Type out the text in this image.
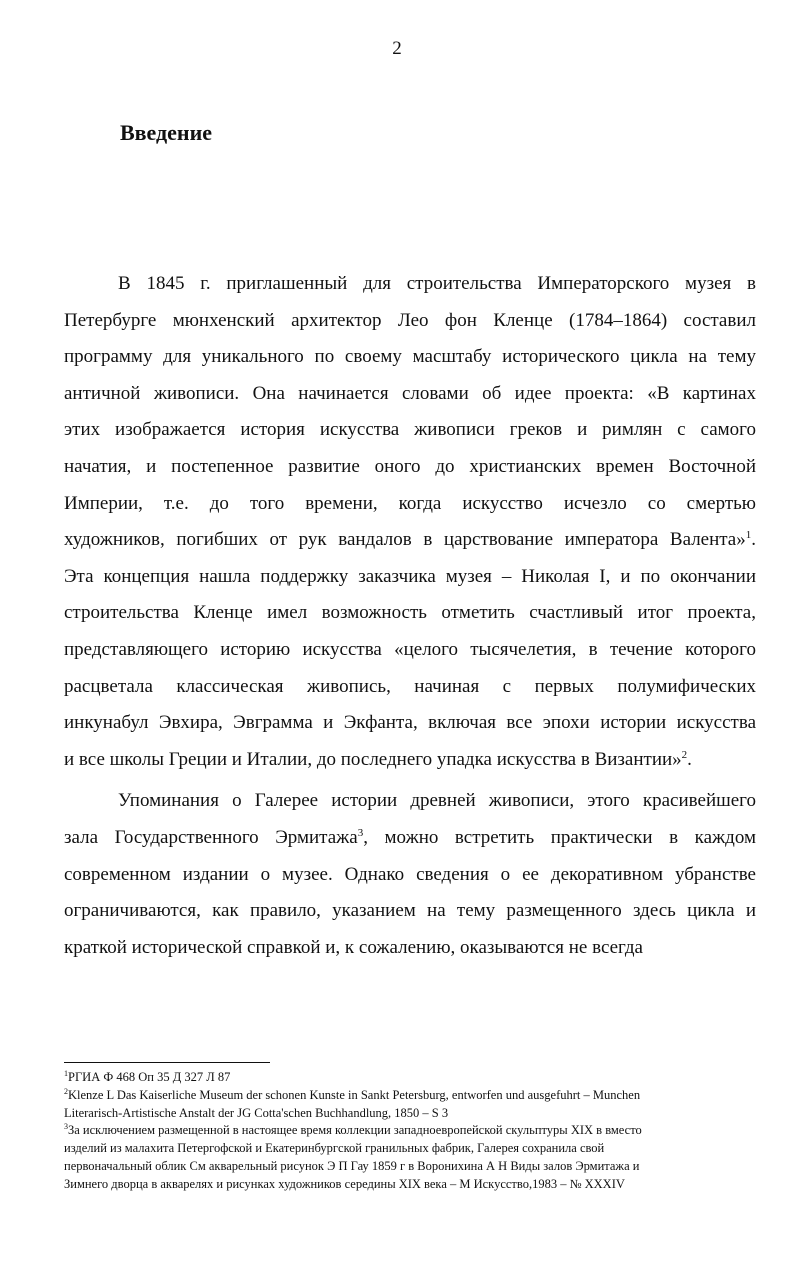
2
Введение
В 1845 г. приглашенный для строительства Императорского музея в
Петербурге мюнхенский архитектор Лео фон Кленце (1784–1864) составил
программу для уникального по своему масштабу исторического цикла на тему
античной живописи. Она начинается словами об идее проекта: «В картинах
этих изображается история искусства живописи греков и римлян с самого
начатия, и постепенное развитие оного до христианских времен Восточной
Империи, т.е. до того времени, когда искусство исчезло со смертью
художников, погибших от рук вандалов в царствование императора Валента»$^1$.
Эта концепция нашла поддержку заказчика музея – Николая I, и по окончании
строительства Кленце имел возможность отметить счастливый итог проекта,
представляющего историю искусства «целого тысячелетия, в течение которого
расцветала классическая живопись, начиная с первых полумифических
инкунабул Эвхира, Эвграмма и Экфанта, включая все эпохи истории искусства
и все школы Греции и Италии, до последнего упадка искусства в Византии»$^2$.
Упоминания о Галерее истории древней живописи, этого красивейшего
зала Государственного Эрмитажа$^3$, можно встретить практически в каждом
современном издании о музее. Однако сведения о ее декоративном убранстве
ограничиваются, как правило, указанием на тему размещенного здесь цикла и
краткой исторической справкой и, к сожалению, оказываются не всегда
$^1$РГИА Ф 468 Оп 35 Д 327 Л 87
$^2$Klenze L Das Kaiserliche Museum der schonen Kunste in Sankt Petersburg, entworfen und ausgefuhrt – Munchen
Literarisch-Artistische Anstalt der JG Cotta'schen Buchhandlung, 1850 – S 3
$^3$За исключением размещенной в настоящее время коллекции западноевропейской скульптуры XIX в вместо
изделий из малахита Петергофской и Екатеринбургской гранильных фабрик, Галерея сохранила свой
первоначальный облик См акварельный рисунок Э П Гау 1859 г в Воронихина А Н Виды залов Эрмитажа и
Зимнего дворца в акварелях и рисунках художников середины XIX века – М Искусство,1983 – № XXXIV
